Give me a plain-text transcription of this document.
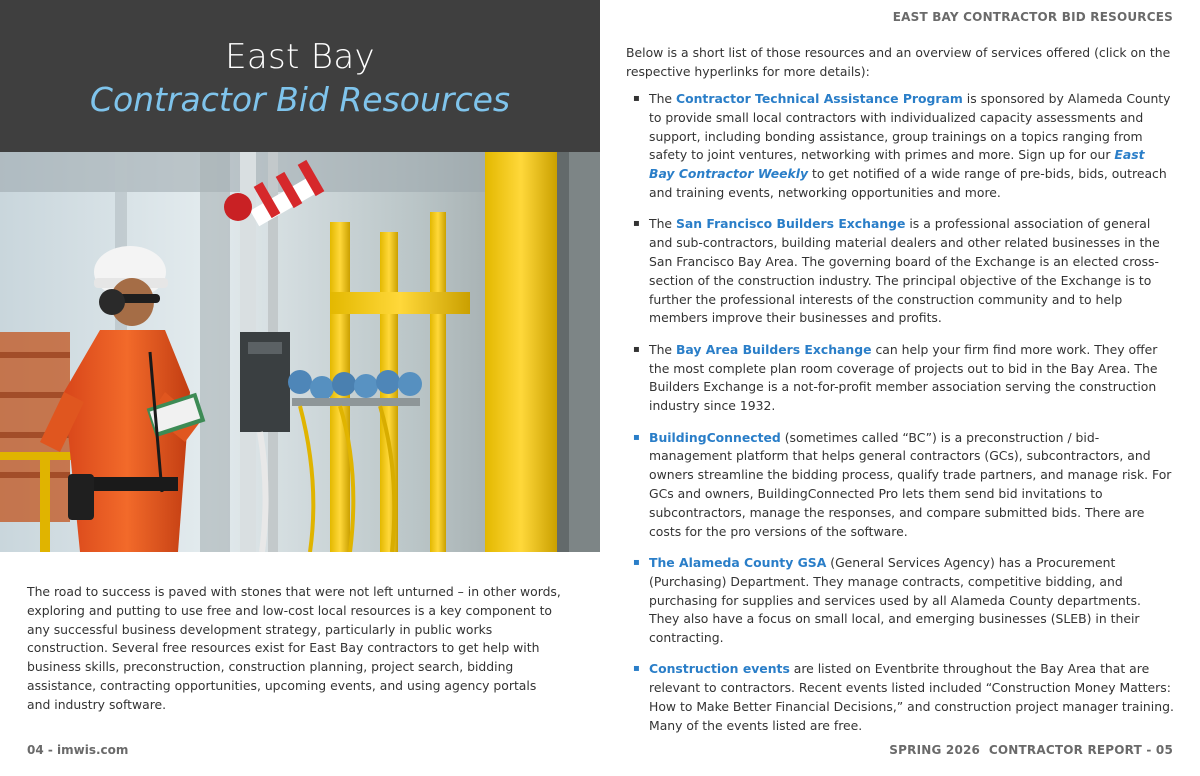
East Bay
Contractor Bid Resources
The road to success is paved with stones that were not left unturned – in other words, exploring and putting to use free and low-cost local resources is a key component to any successful business development strategy, particularly in public works construction. Several free resources exist for East Bay contractors to get help with business skills, preconstruction, construction planning, project search, bidding assistance, contracting opportunities, upcoming events, and using agency portals and industry software.
04 - imwis.com
EAST BAY CONTRACTOR BID RESOURCES
Below is a short list of those resources and an overview of services offered (click on the respective hyperlinks for more details):
▪ The Contractor Technical Assistance Program is sponsored by Alameda County to provide small local contractors with individualized capacity assessments and support, including bonding assistance, group trainings on a topics ranging from safety to joint ventures, networking with primes and more. Sign up for our East Bay Contractor Weekly to get notified of a wide range of pre-bids, bids, outreach and training events, networking opportunities and more.
▪ The San Francisco Builders Exchange is a professional association of general and sub-contractors, building material dealers and other related businesses in the San Francisco Bay Area. The governing board of the Exchange is an elected cross-section of the construction industry. The principal objective of the Exchange is to further the professional interests of the construction community and to help members improve their businesses and profits.
▪ The Bay Area Builders Exchange can help your firm find more work. They offer the most complete plan room coverage of projects out to bid in the Bay Area. The Builders Exchange is a not-for-profit member association serving the construction industry since 1932.
▪ BuildingConnected (sometimes called “BC”) is a preconstruction / bid-management platform that helps general contractors (GCs), subcontractors, and owners streamline the bidding process, qualify trade partners, and manage risk. For GCs and owners, BuildingConnected Pro lets them send bid invitations to subcontractors, manage the responses, and compare submitted bids. There are costs for the pro versions of the software.
▪ The Alameda County GSA (General Services Agency) has a Procurement (Purchasing) Department. They manage contracts, competitive bidding, and purchasing for supplies and services used by all Alameda County departments. They also have a focus on small local, and emerging businesses (SLEB) in their contracting.
▪ Construction events are listed on Eventbrite throughout the Bay Area that are relevant to contractors. Recent events listed included “Construction Money Matters: How to Make Better Financial Decisions,” and construction project manager training. Many of the events listed are free.
SPRING 2026  CONTRACTOR REPORT - 05
